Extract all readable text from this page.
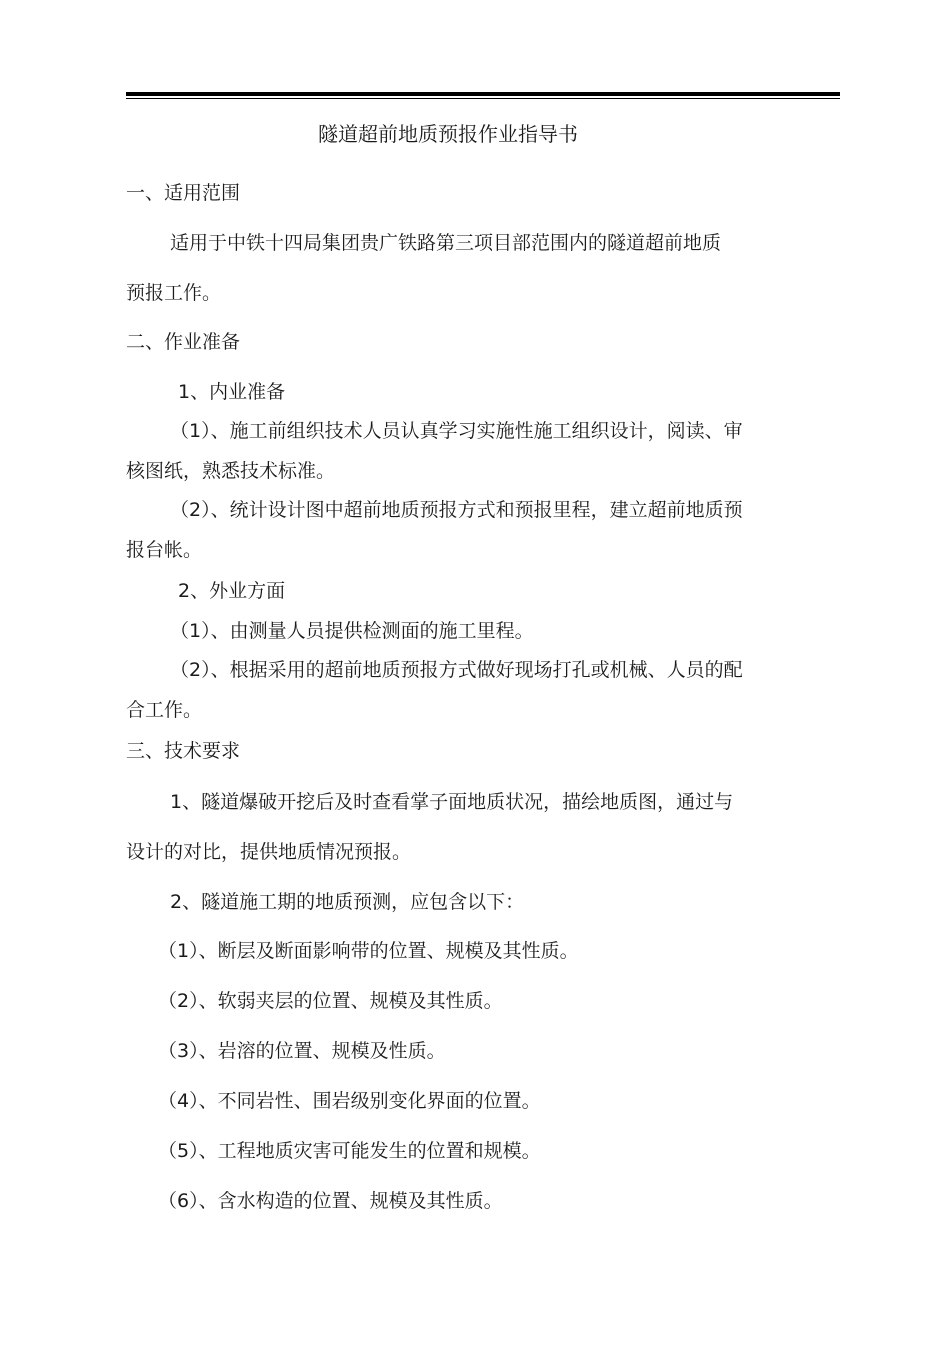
隧道超前地质预报作业指导书
一、适用范围
适用于中铁十四局集团贵广铁路第三项目部范围内的隧道超前地质
预报工作。
二、作业准备
1、内业准备
（1）、施工前组织技术人员认真学习实施性施工组织设计，阅读、审
核图纸，熟悉技术标准。
（2）、统计设计图中超前地质预报方式和预报里程，建立超前地质预
报台帐。
2、外业方面
（1）、由测量人员提供检测面的施工里程。
（2）、根据采用的超前地质预报方式做好现场打孔或机械、人员的配
合工作。
三、技术要求
1、隧道爆破开挖后及时查看掌子面地质状况，描绘地质图，通过与
设计的对比，提供地质情况预报。
2、隧道施工期的地质预测，应包含以下：
（1）、断层及断面影响带的位置、规模及其性质。
（2）、软弱夹层的位置、规模及其性质。
（3）、岩溶的位置、规模及性质。
（4）、不同岩性、围岩级别变化界面的位置。
（5）、工程地质灾害可能发生的位置和规模。
（6）、含水构造的位置、规模及其性质。
